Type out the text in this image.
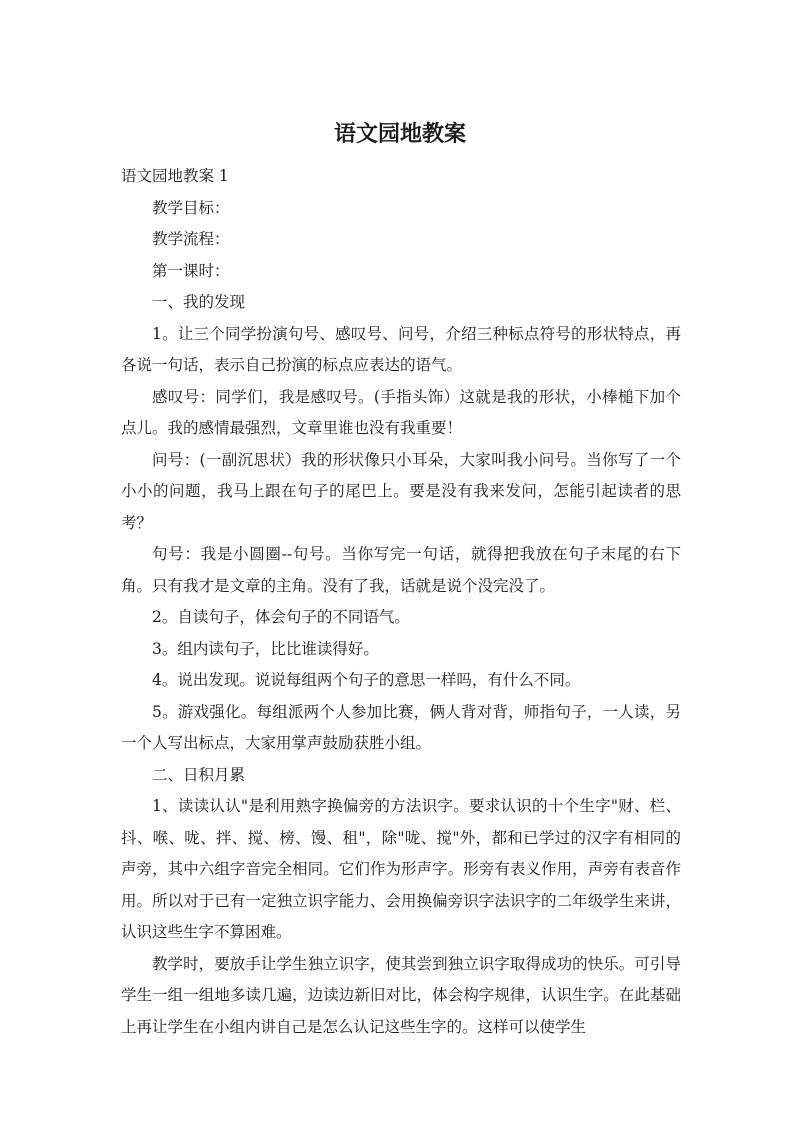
语文园地教案

语文园地教案 1

教学目标：

教学流程：

第一课时：

一、我的发现

1。让三个同学扮演句号、感叹号、问号，介绍三种标点符号的形状特点，再各说一句话，表示自己扮演的标点应表达的语气。

感叹号：同学们，我是感叹号。(手指头饰）这就是我的形状，小棒槌下加个点儿。我的感情最强烈，文章里谁也没有我重要！

问号：(一副沉思状）我的形状像只小耳朵，大家叫我小问号。当你写了一个小小的问题，我马上跟在句子的尾巴上。要是没有我来发问，怎能引起读者的思考？

句号：我是小圆圈--句号。当你写完一句话，就得把我放在句子末尾的右下角。只有我才是文章的主角。没有了我，话就是说个没完没了。

2。自读句子，体会句子的不同语气。

3。组内读句子，比比谁读得好。

4。说出发现。说说每组两个句子的意思一样吗，有什么不同。

5。游戏强化。每组派两个人参加比赛，俩人背对背，师指句子，一人读，另一个人写出标点，大家用掌声鼓励获胜小组。

二、日积月累

1、读读认认"是利用熟字换偏旁的方法识字。要求认识的十个生字"财、栏、抖、喉、咙、拌、搅、榜、馒、租"，除"咙、搅"外，都和已学过的汉字有相同的声旁，其中六组字音完全相同。它们作为形声字。形旁有表义作用，声旁有表音作用。所以对于已有一定独立识字能力、会用换偏旁识字法识字的二年级学生来讲，认识这些生字不算困难。

教学时，要放手让学生独立识字，使其尝到独立识字取得成功的快乐。可引导学生一组一组地多读几遍，边读边新旧对比，体会构字规律，认识生字。在此基础上再让学生在小组内讲自己是怎么认记这些生字的。这样可以使学生
